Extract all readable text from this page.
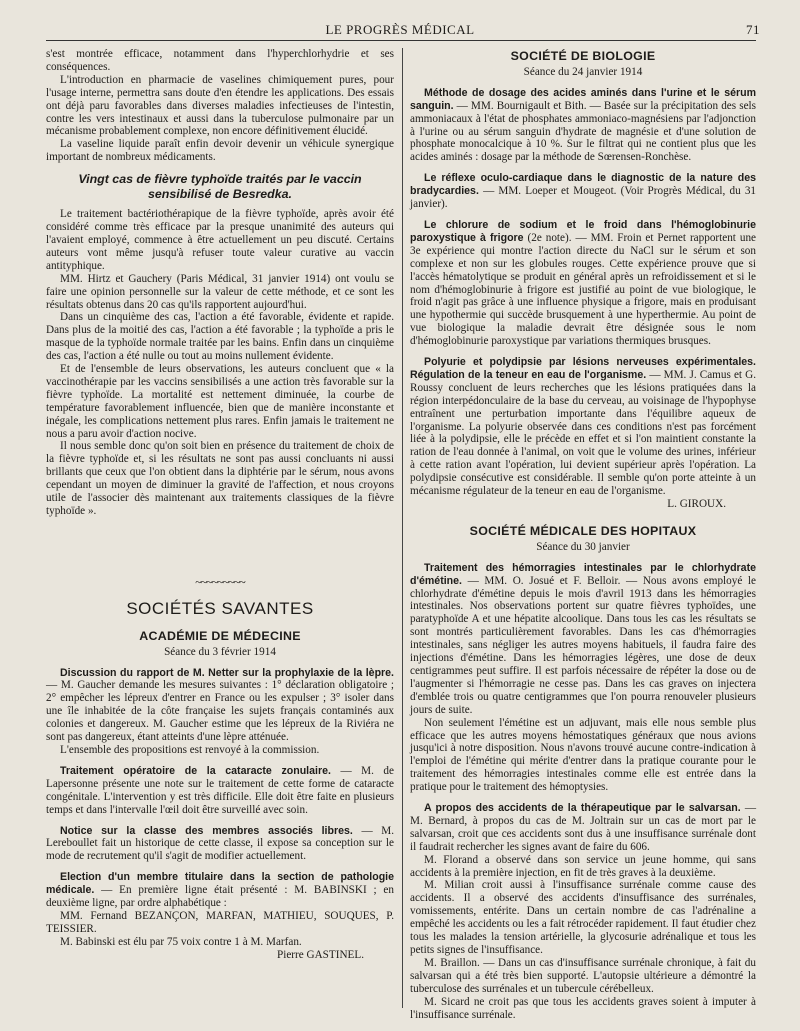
LE PROGRÈS MÉDICAL	71

s'est montrée efficace, notamment dans l'hyperchlorhydrie et ses conséquences.

L'introduction en pharmacie de vaselines chimiquement pures, pour l'usage interne, permettra sans doute d'en étendre les applications. Des essais ont déjà paru favorables dans diverses maladies infectieuses de l'intestin, contre les vers intestinaux et aussi dans la tuberculose pulmonaire par un mécanisme probablement complexe, non encore définitivement élucidé.

La vaseline liquide paraît enfin devoir devenir un véhicule synergique important de nombreux médicaments.

Vingt cas de fièvre typhoïde traités par le vaccin sensibilisé de Besredka.

Le traitement bactériothérapique de la fièvre typhoïde, après avoir été considéré comme très efficace par la presque unanimité des auteurs qui l'avaient employé, commence à être actuellement un peu discuté. Certains auteurs vont même jusqu'à refuser toute valeur curative au vaccin antityphique.

MM. Hirtz et Gauchery (Paris Médical, 31 janvier 1914) ont voulu se faire une opinion personnelle sur la valeur de cette méthode, et ce sont les résultats obtenus dans 20 cas qu'ils rapportent aujourd'hui.

Dans un cinquième des cas, l'action a été favorable, évidente et rapide. Dans plus de la moitié des cas, l'action a été favorable ; la typhoïde a pris le masque de la typhoïde normale traitée par les bains. Enfin dans un cinquième des cas, l'action a été nulle ou tout au moins nullement évidente.

Et de l'ensemble de leurs observations, les auteurs concluent que « la vaccinothérapie par les vaccins sensibilisés a une action très favorable sur la fièvre typhoïde. La mortalité est nettement diminuée, la courbe de température favorablement influencée, bien que de manière inconstante et inégale, les complications nettement plus rares. Enfin jamais le traitement ne nous a paru avoir d'action nocive.

Il nous semble donc qu'on soit bien en présence du traitement de choix de la fièvre typhoïde et, si les résultats ne sont pas aussi concluants ni aussi brillants que ceux que l'on obtient dans la diphtérie par le sérum, nous avons cependant un moyen de diminuer la gravité de l'affection, et nous croyons utile de l'associer dès maintenant aux traitements classiques de la fièvre typhoïde ».

~~~~~~~~~
SOCIÉTÉS SAVANTES
ACADÉMIE DE MÉDECINE
Séance du 3 février 1914

Discussion du rapport de M. Netter sur la prophylaxie de la lèpre. — M. Gaucher demande les mesures suivantes : 1° déclaration obligatoire ; 2° empêcher les lépreux d'entrer en France ou les expulser ; 3° isoler dans une île inhabitée de la côte française les sujets français contaminés aux colonies et dangereux. M. Gaucher estime que les lépreux de la Riviéra ne sont pas dangereux, étant atteints d'une lèpre atténuée.

L'ensemble des propositions est renvoyé à la commission.

Traitement opératoire de la cataracte zonulaire. — M. de Lapersonne présente une note sur le traitement de cette forme de cataracte congénitale. L'intervention y est très difficile. Elle doit être faite en plusieurs temps et dans l'intervalle l'œil doit être surveillé avec soin.

Notice sur la classe des membres associés libres. — M. Lereboullet fait un historique de cette classe, il expose sa conception sur le mode de recrutement qu'il s'agit de modifier actuellement.

Election d'un membre titulaire dans la section de pathologie médicale. — En première ligne était présenté : M. BABINSKI ; en deuxième ligne, par ordre alphabétique :

MM. Fernand BEZANÇON, MARFAN, MATHIEU, SOUQUES, P. TEISSIER.

M. Babinski est élu par 75 voix contre 1 à M. Marfan.

Pierre GASTINEL.

SOCIÉTÉ DE BIOLOGIE
Séance du 24 janvier 1914

Méthode de dosage des acides aminés dans l'urine et le sérum sanguin. — MM. Bournigault et Bith. — Basée sur la précipitation des sels ammoniacaux à l'état de phosphates ammoniaco-magnésiens par l'adjonction à l'urine ou au sérum sanguin d'hydrate de magnésie et d'une solution de phosphate monocalcique à 10 %. Sur le filtrat qui ne contient plus que les acides aminés : dosage par la méthode de Sœrensen-Ronchèse.

Le réflexe oculo-cardiaque dans le diagnostic de la nature des bradycardies. — MM. Loeper et Mougeot. (Voir Progrès Médical, du 31 janvier).

Le chlorure de sodium et le froid dans l'hémoglobinurie paroxystique à frigore (2e note). — MM. Froin et Pernet rapportent une 3e expérience qui montre l'action directe du NaCl sur le sérum et son complexe et non sur les globules rouges. Cette expérience prouve que si l'accès hématolytique se produit en général après un refroidissement et si le nom d'hémoglobinurie à frigore est justifié au point de vue biologique, le froid n'agit pas grâce à une influence physique a frigore, mais en produisant une hypothermie qui succède brusquement à une hyperthermie. Au point de vue biologique la maladie devrait être désignée sous le nom d'hémoglobinurie paroxystique par variations thermiques brusques.

Polyurie et polydipsie par lésions nerveuses expérimentales. Régulation de la teneur en eau de l'organisme. — MM. J. Camus et G. Roussy concluent de leurs recherches que les lésions pratiquées dans la région interpédonculaire de la base du cerveau, au voisinage de l'hypophyse entraînent une perturbation importante dans l'équilibre aqueux de l'organisme. La polyurie observée dans ces conditions n'est pas forcément liée à la polydipsie, elle le précède en effet et si l'on maintient constante la ration de l'eau donnée à l'animal, on voit que le volume des urines, inférieur à cette ration avant l'opération, lui devient supérieur après l'opération. La polydipsie consécutive est considérable. Il semble qu'on porte atteinte à un mécanisme régulateur de la teneur en eau de l'organisme.

L. GIROUX.

SOCIÉTÉ MÉDICALE DES HOPITAUX
Séance du 30 janvier

Traitement des hémorragies intestinales par le chlorhydrate d'émétine. — MM. O. Josué et F. Belloir. — Nous avons employé le chlorhydrate d'émétine depuis le mois d'avril 1913 dans les hémorragies intestinales. Nos observations portent sur quatre fièvres typhoïdes, une paratyphoïde A et une hépatite alcoolique. Dans tous les cas les résultats se sont montrés particulièrement favorables. Dans les cas d'hémorragies intestinales, sans négliger les autres moyens habituels, il faudra faire des injections d'émétine. Dans les hémorragies légères, une dose de deux centigrammes peut suffire. Il est parfois nécessaire de répéter la dose ou de l'augmenter si l'hémorragie ne cesse pas. Dans les cas graves on injectera d'emblée trois ou quatre centigrammes que l'on pourra renouveler plusieurs jours de suite.

Non seulement l'émétine est un adjuvant, mais elle nous semble plus efficace que les autres moyens hémostatiques généraux que nous avions jusqu'ici à notre disposition. Nous n'avons trouvé aucune contre-indication à l'emploi de l'émétine qui mérite d'entrer dans la pratique courante pour le traitement des hémorragies intestinales comme elle est entrée dans la pratique pour le traitement des hémoptysies.

A propos des accidents de la thérapeutique par le salvarsan. — M. Bernard, à propos du cas de M. Joltrain sur un cas de mort par le salvarsan, croit que ces accidents sont dus à une insuffisance surrénale dont il faudrait rechercher les signes avant de faire du 606.

M. Florand a observé dans son service un jeune homme, qui sans accidents à la première injection, en fit de très graves à la deuxième.

M. Milian croit aussi à l'insuffisance surrénale comme cause des accidents. Il a observé des accidents d'insuffisance des surrénales, vomissements, entérite. Dans un certain nombre de cas l'adrénaline a empêché les accidents ou les a fait rétrocéder rapidement. Il faut étudier chez tous les malades la tension artérielle, la glycosurie adrénalique et tous les petits signes de l'insuffisance.

M. Braillon. — Dans un cas d'insuffisance surrénale chronique, à fait du salvarsan qui a été très bien supporté. L'autopsie ultérieure a démontré la tuberculose des surrénales et un tubercule cérébelleux.

M. Sicard ne croit pas que tous les accidents graves soient à imputer à l'insuffisance surrénale.
